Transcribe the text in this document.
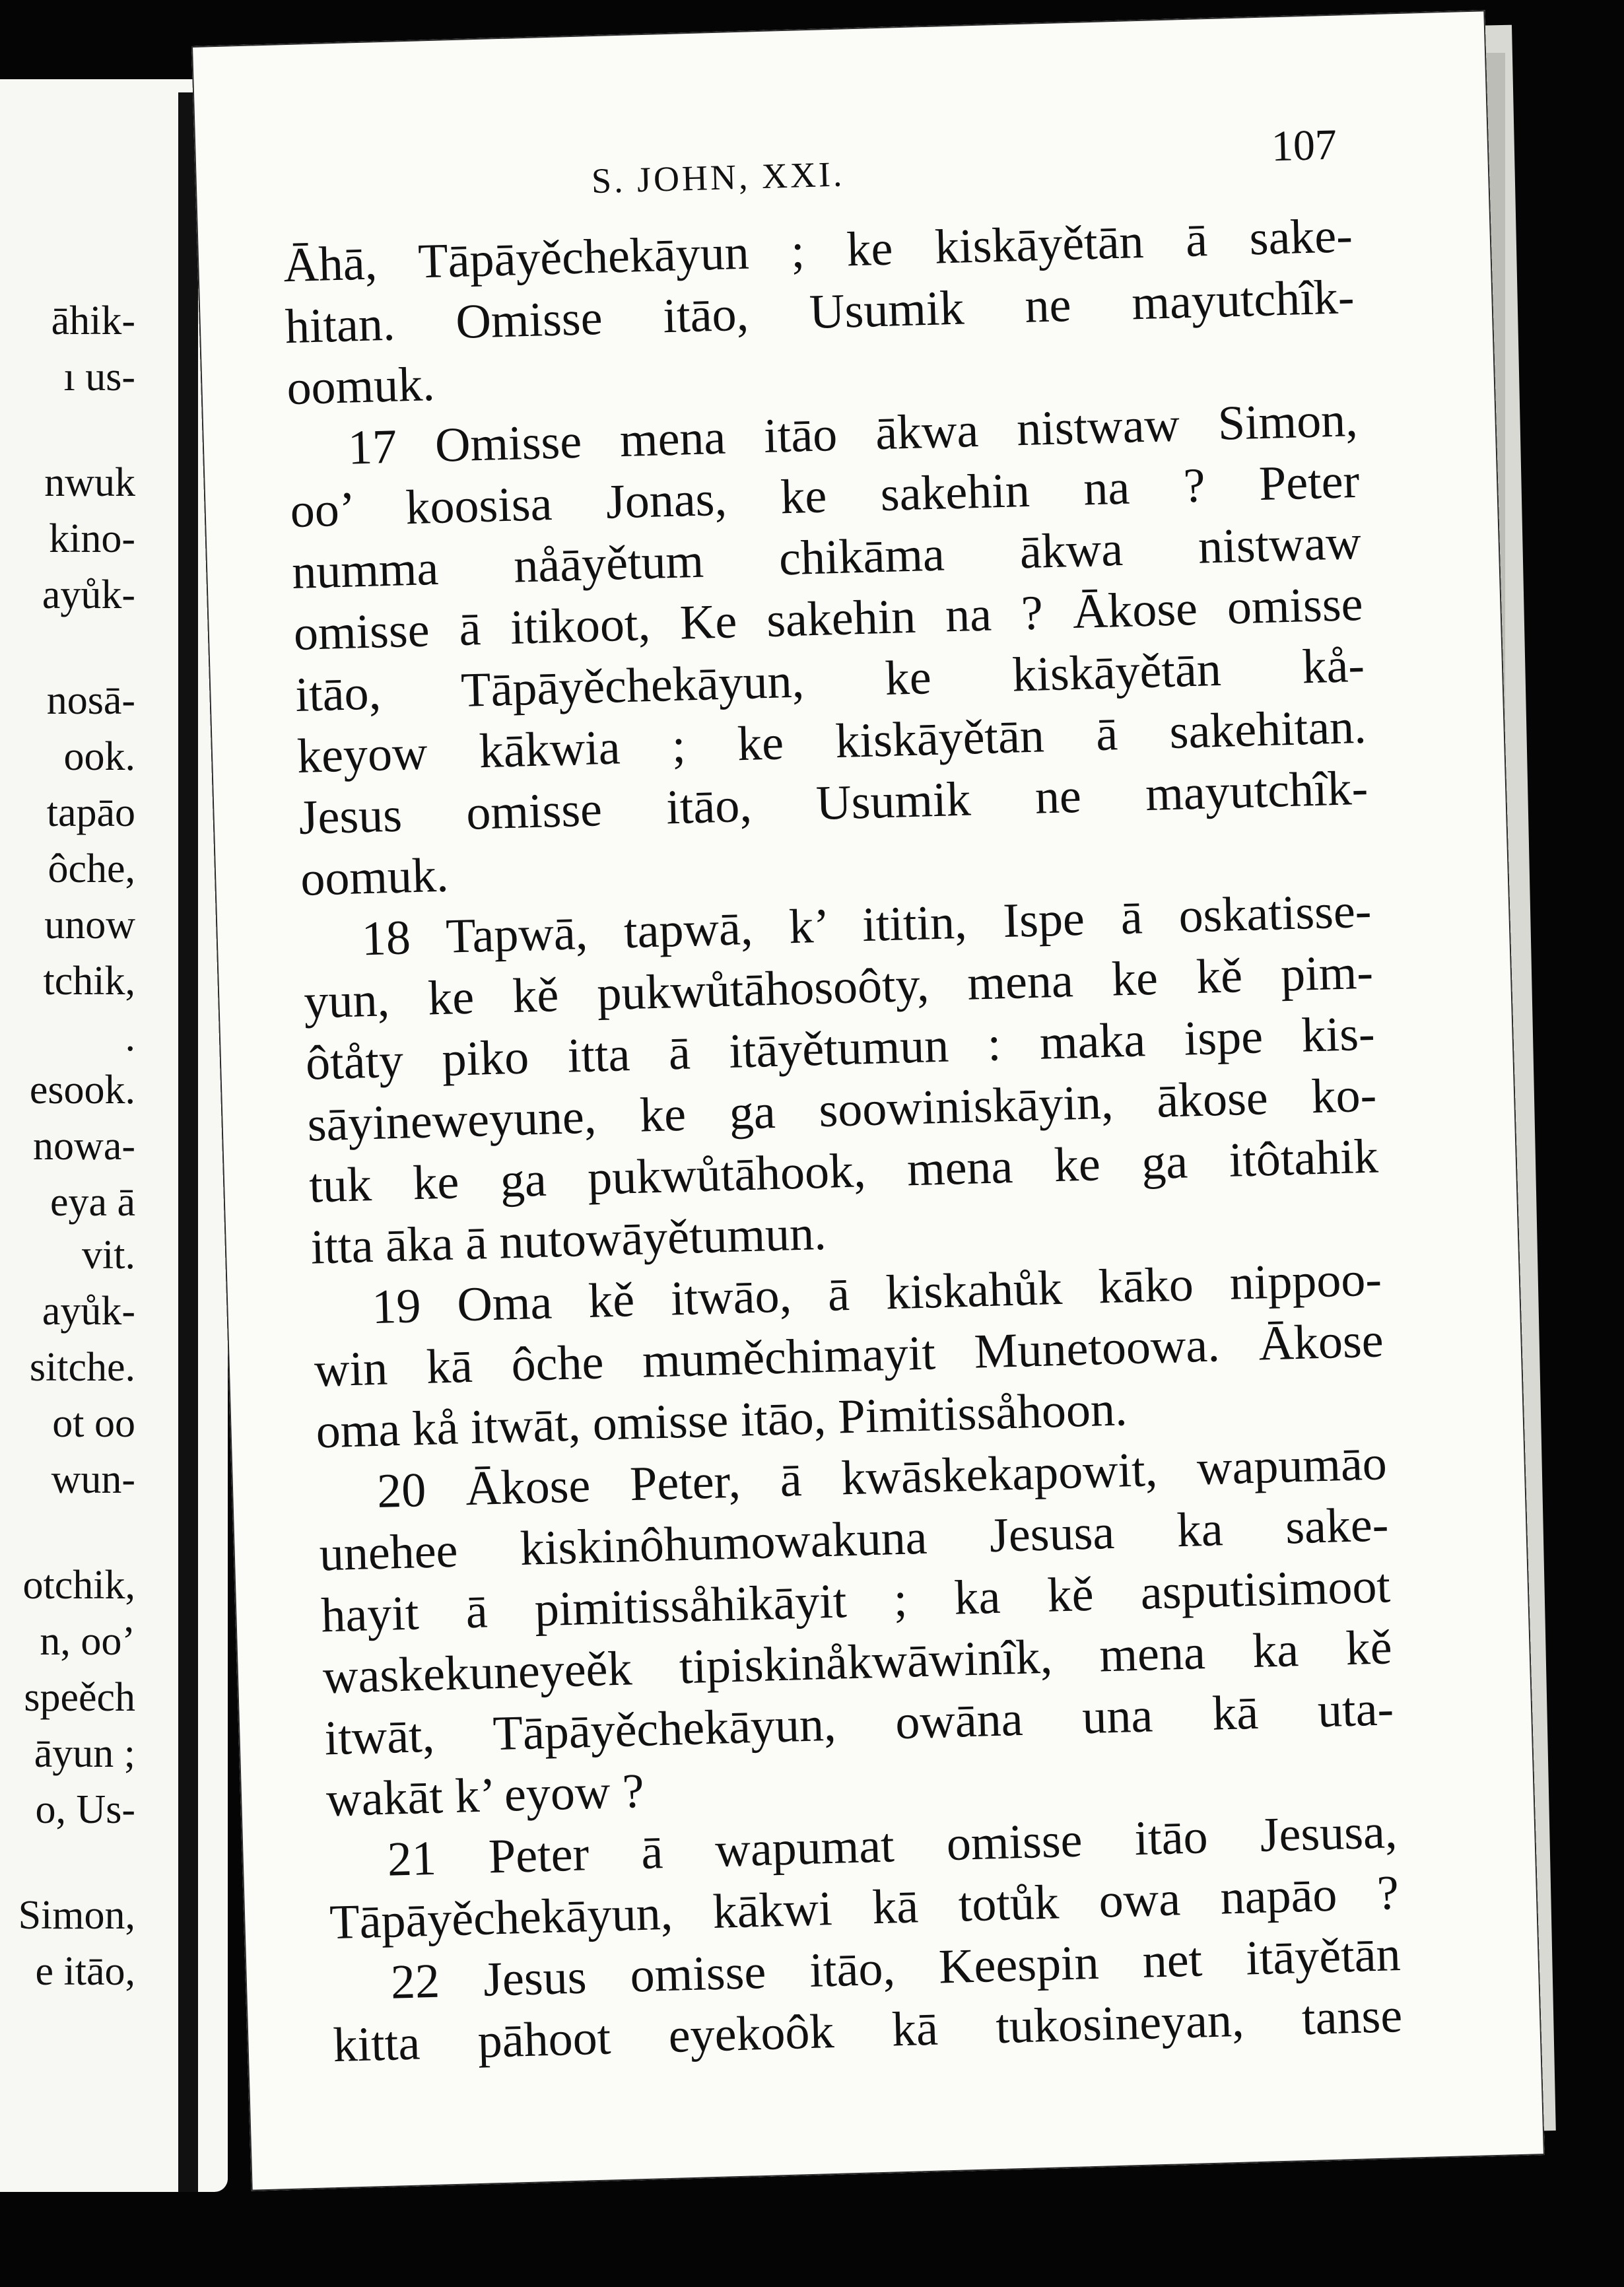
āhik-
ı us-
nwuk
kino-
ayůk-
nosā-
ook.
tapāo
ôche,
unow
tchik,
.
esook.
nowa-
eya ā
vit.
ayůk-
sitche.
ot oo
wun-
otchik,
n, oo’
speěch
āyun ;
o, Us-
Simon,
e itāo,
S. JOHN, XXI.
107
Āhā, Tāpāyěchekāyun ; ke kiskāyětān ā sake-
hitan. Omisse itāo, Usumik ne mayutchîk-
oomuk.
17 Omisse mena itāo ākwa nistwaw Simon,
oo’ koosisa Jonas, ke sakehin na ? Peter
numma nåāyětum chikāma ākwa nistwaw
omisse ā itikoot, Ke sakehin na ? Ākose omisse
itāo, Tāpāyěchekāyun, ke kiskāyětān kå-
keyow kākwia ; ke kiskāyětān ā sakehitan.
Jesus omisse itāo, Usumik ne mayutchîk-
oomuk.
18 Tapwā, tapwā, k’ ititin, Ispe ā oskatisse-
yun, ke kě pukwůtāhosoôty, mena ke kě pim-
ôtåty piko itta ā itāyětumun : maka ispe kis-
sāyineweyune, ke ga soowiniskāyin, ākose ko-
tuk ke ga pukwůtāhook, mena ke ga itôtahik
itta āka ā nutowāyětumun.
19 Oma kě itwāo, ā kiskahůk kāko nippoo-
win kā ôche muměchimayit Munetoowa. Ākose
oma kå itwāt, omisse itāo, Pimitissåhoon.
20 Ākose Peter, ā kwāskekapowit, wapumāo
unehee kiskinôhumowakuna Jesusa ka sake-
hayit ā pimitissåhikāyit ; ka kě asputisimoot
waskekuneyeěk tipiskinåkwāwinîk, mena ka kě
itwāt, Tāpāyěchekāyun, owāna una kā uta-
wakāt k’ eyow ?
21 Peter ā wapumat omisse itāo Jesusa,
Tāpāyěchekāyun, kākwi kā totůk owa napāo ?
22 Jesus omisse itāo, Keespin net itāyětān
kitta pāhoot eyekoôk kā tukosineyan, tanse
